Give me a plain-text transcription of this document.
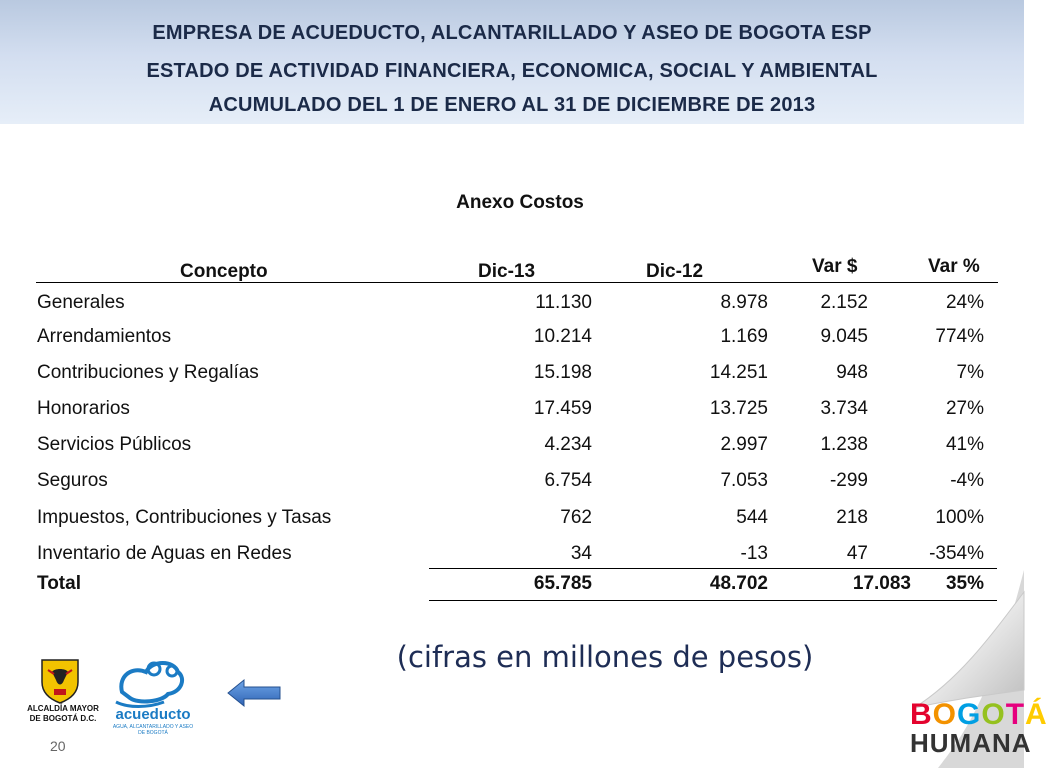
EMPRESA DE ACUEDUCTO, ALCANTARILLADO Y ASEO DE BOGOTA ESP
ESTADO DE ACTIVIDAD FINANCIERA, ECONOMICA, SOCIAL Y AMBIENTAL
ACUMULADO DEL 1 DE ENERO AL 31 DE DICIEMBRE DE 2013
Anexo Costos
Concepto	Dic-13	Dic-12	Var $	Var %
Generales	11.130	8.978	2.152	24%
Arrendamientos	10.214	1.169	9.045	774%
Contribuciones y Regalías	15.198	14.251	948	7%
Honorarios	17.459	13.725	3.734	27%
Servicios Públicos	4.234	2.997	1.238	41%
Seguros	6.754	7.053	-299	-4%
Impuestos, Contribuciones y Tasas	762	544	218	100%
Inventario de Aguas en Redes	34	-13	47	-354%
Total	65.785	48.702	17.083 35%
(cifras en millones de pesos)
ALCALDÍA MAYOR
DE BOGOTÁ D.C.	acueducto
AGUA, ALCANTARILLADO Y ASEO DE BOGOTÁ
20
BOGOTÁ
HUMANA
